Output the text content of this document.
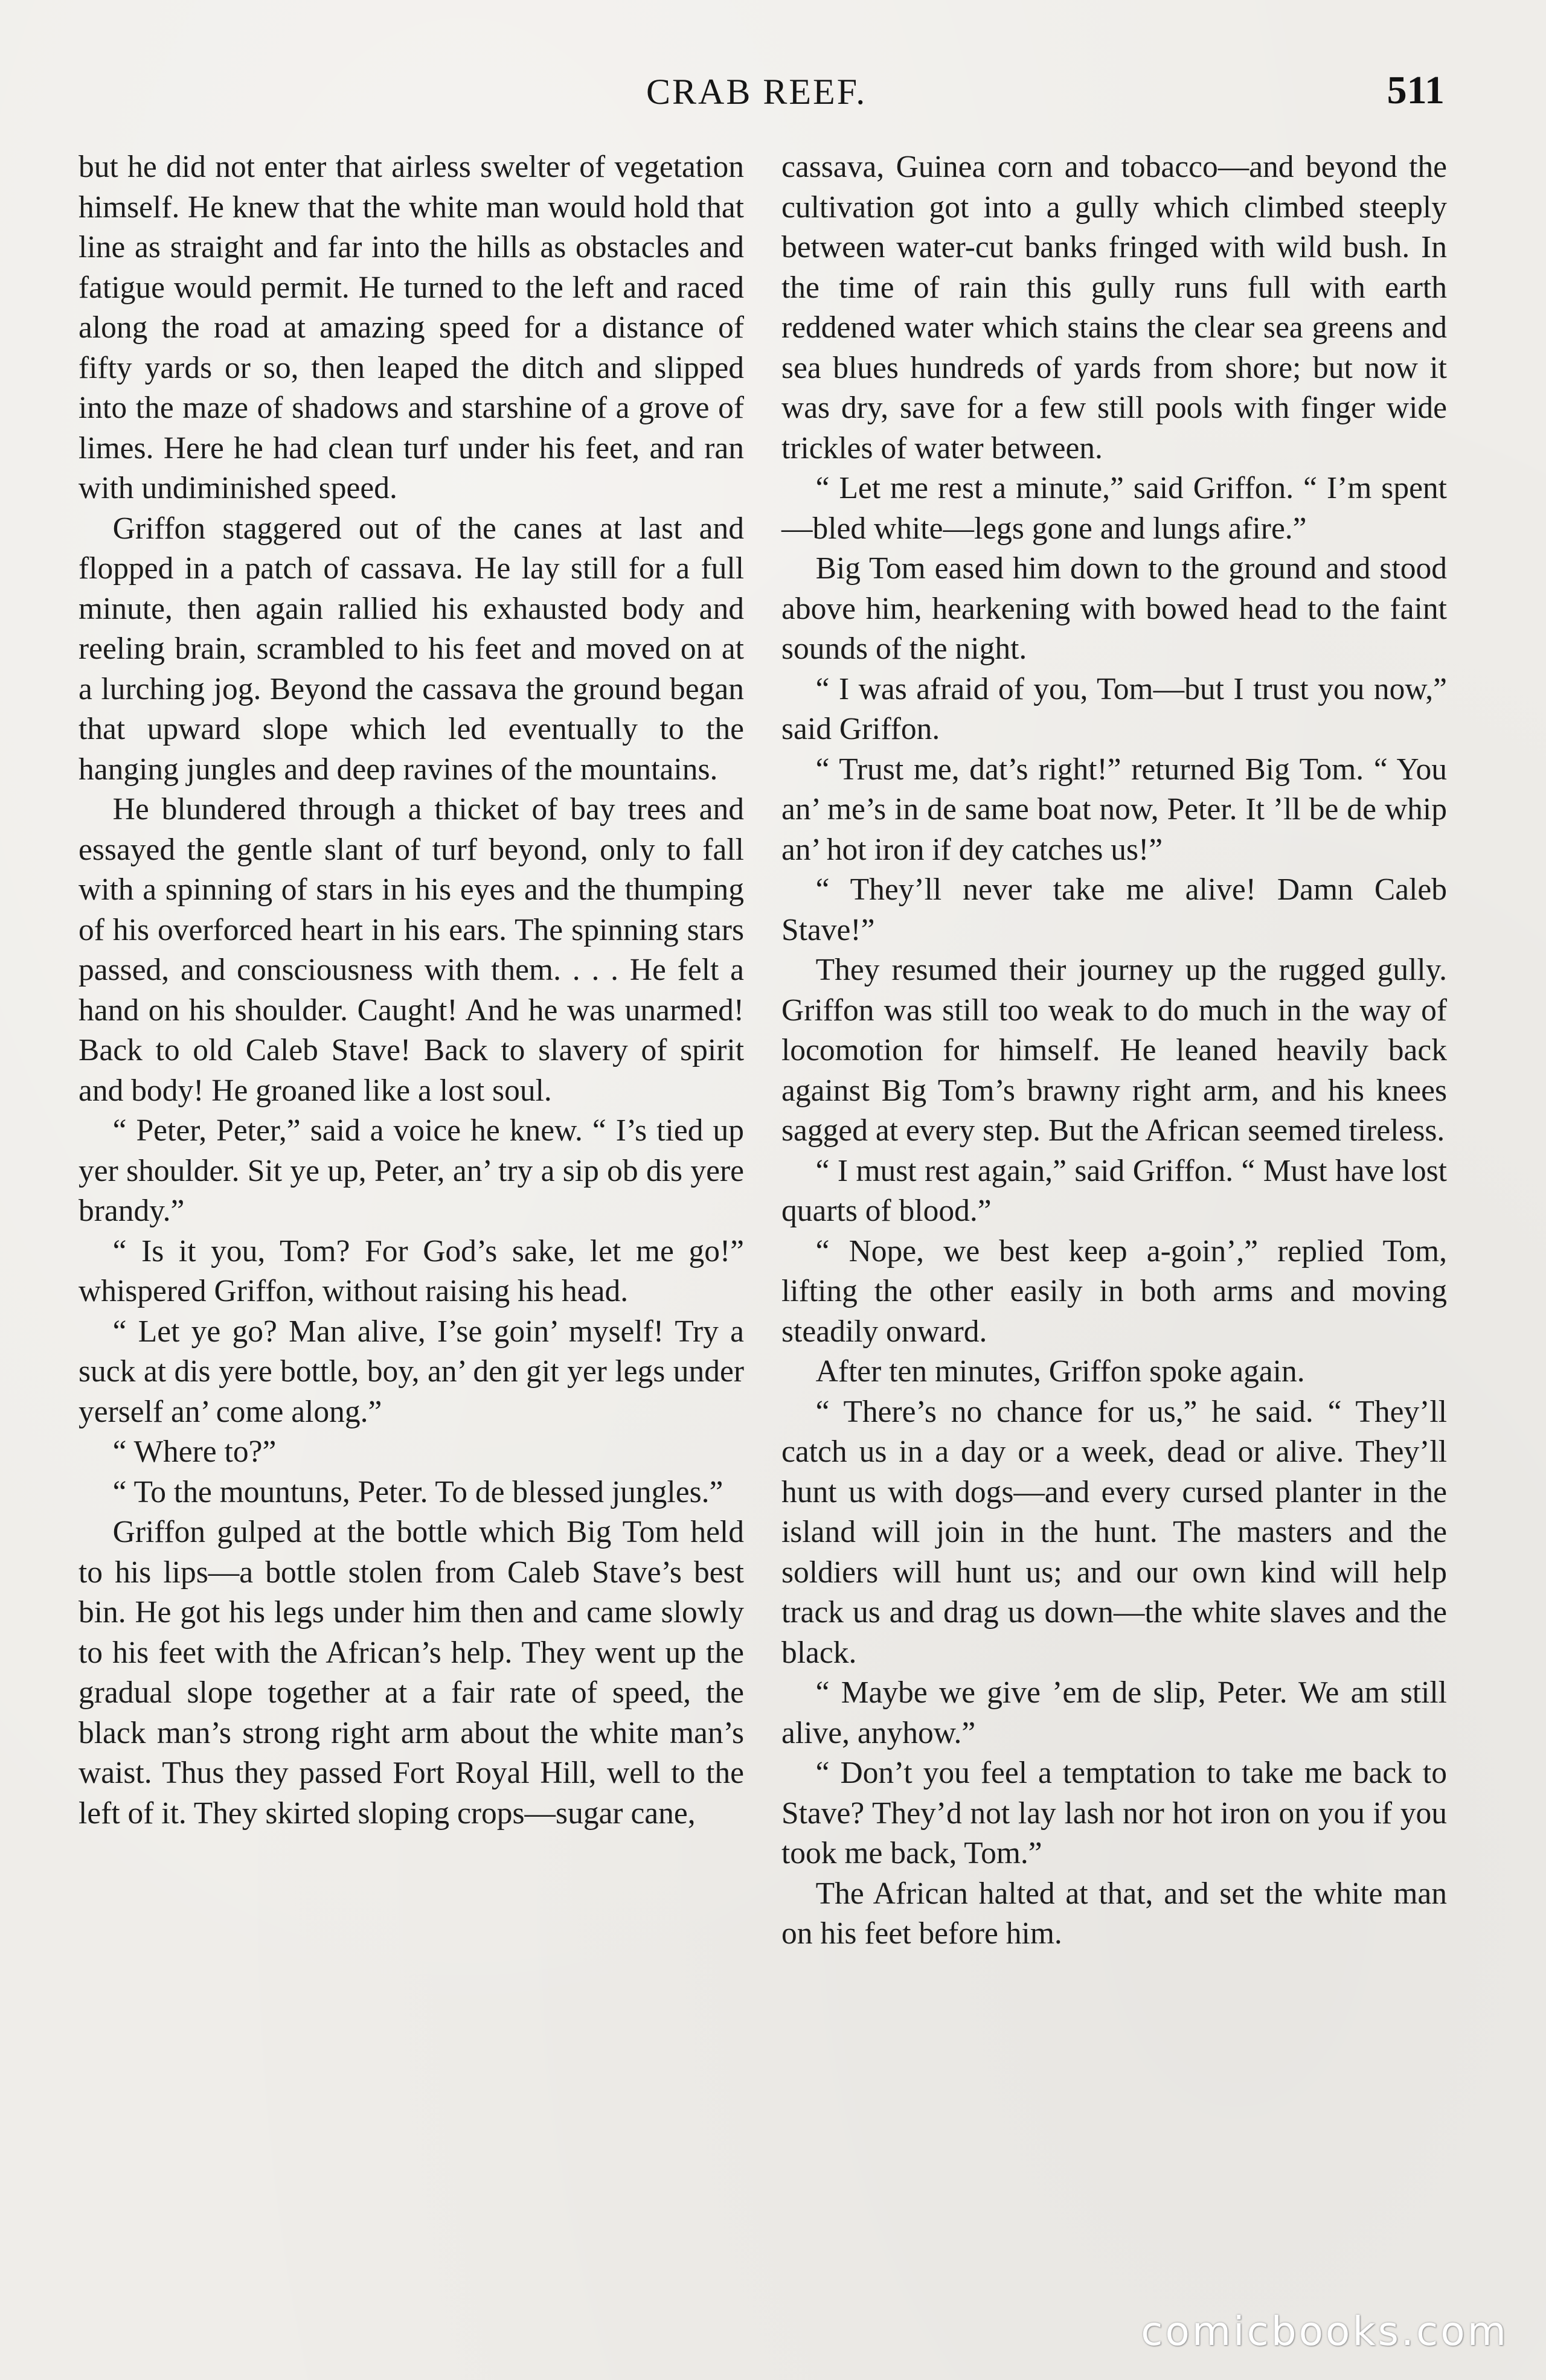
CRAB REEF.	511

but he did not enter that airless swelter of vegetation himself. He knew that the white man would hold that line as straight and far into the hills as obstacles and fatigue would permit. He turned to the left and raced along the road at amazing speed for a distance of fifty yards or so, then leaped the ditch and slipped into the maze of shadows and starshine of a grove of limes. Here he had clean turf under his feet, and ran with undiminished speed.

Griffon staggered out of the canes at last and flopped in a patch of cassava. He lay still for a full minute, then again rallied his exhausted body and reeling brain, scrambled to his feet and moved on at a lurching jog. Beyond the cassava the ground began that upward slope which led eventually to the hanging jungles and deep ravines of the mountains.

He blundered through a thicket of bay trees and essayed the gentle slant of turf beyond, only to fall with a spinning of stars in his eyes and the thumping of his overforced heart in his ears. The spinning stars passed, and consciousness with them. . . . He felt a hand on his shoulder. Caught! And he was unarmed! Back to old Caleb Stave! Back to slavery of spirit and body! He groaned like a lost soul.

“ Peter, Peter,” said a voice he knew. “ I’s tied up yer shoulder. Sit ye up, Peter, an’ try a sip ob dis yere brandy.”

“ Is it you, Tom? For God’s sake, let me go!” whispered Griffon, without raising his head.

“ Let ye go? Man alive, I’se goin’ myself! Try a suck at dis yere bottle, boy, an’ den git yer legs under yerself an’ come along.”

“ Where to?”

“ To the mountuns, Peter. To de blessed jungles.”

Griffon gulped at the bottle which Big Tom held to his lips—a bottle stolen from Caleb Stave’s best bin. He got his legs under him then and came slowly to his feet with the African’s help. They went up the gradual slope together at a fair rate of speed, the black man’s strong right arm about the white man’s waist. Thus they passed Fort Royal Hill, well to the left of it. They skirted sloping crops—sugar cane,

cassava, Guinea corn and tobacco—and beyond the cultivation got into a gully which climbed steeply between water-cut banks fringed with wild bush. In the time of rain this gully runs full with earth reddened water which stains the clear sea greens and sea blues hundreds of yards from shore; but now it was dry, save for a few still pools with finger wide trickles of water between.

“ Let me rest a minute,” said Griffon. “ I’m spent—bled white—legs gone and lungs afire.”

Big Tom eased him down to the ground and stood above him, hearkening with bowed head to the faint sounds of the night.

“ I was afraid of you, Tom—but I trust you now,” said Griffon.

“ Trust me, dat’s right!” returned Big Tom. “ You an’ me’s in de same boat now, Peter. It ’ll be de whip an’ hot iron if dey catches us!”

“ They’ll never take me alive! Damn Caleb Stave!”

They resumed their journey up the rugged gully. Griffon was still too weak to do much in the way of locomotion for himself. He leaned heavily back against Big Tom’s brawny right arm, and his knees sagged at every step. But the African seemed tireless.

“ I must rest again,” said Griffon. “ Must have lost quarts of blood.”

“ Nope, we best keep a-goin’,” replied Tom, lifting the other easily in both arms and moving steadily onward.

After ten minutes, Griffon spoke again.

“ There’s no chance for us,” he said. “ They’ll catch us in a day or a week, dead or alive. They’ll hunt us with dogs—and every cursed planter in the island will join in the hunt. The masters and the soldiers will hunt us; and our own kind will help track us and drag us down—the white slaves and the black.

“ Maybe we give ’em de slip, Peter. We am still alive, anyhow.”

“ Don’t you feel a temptation to take me back to Stave? They’d not lay lash nor hot iron on you if you took me back, Tom.”

The African halted at that, and set the white man on his feet before him.

comicbooks.com
